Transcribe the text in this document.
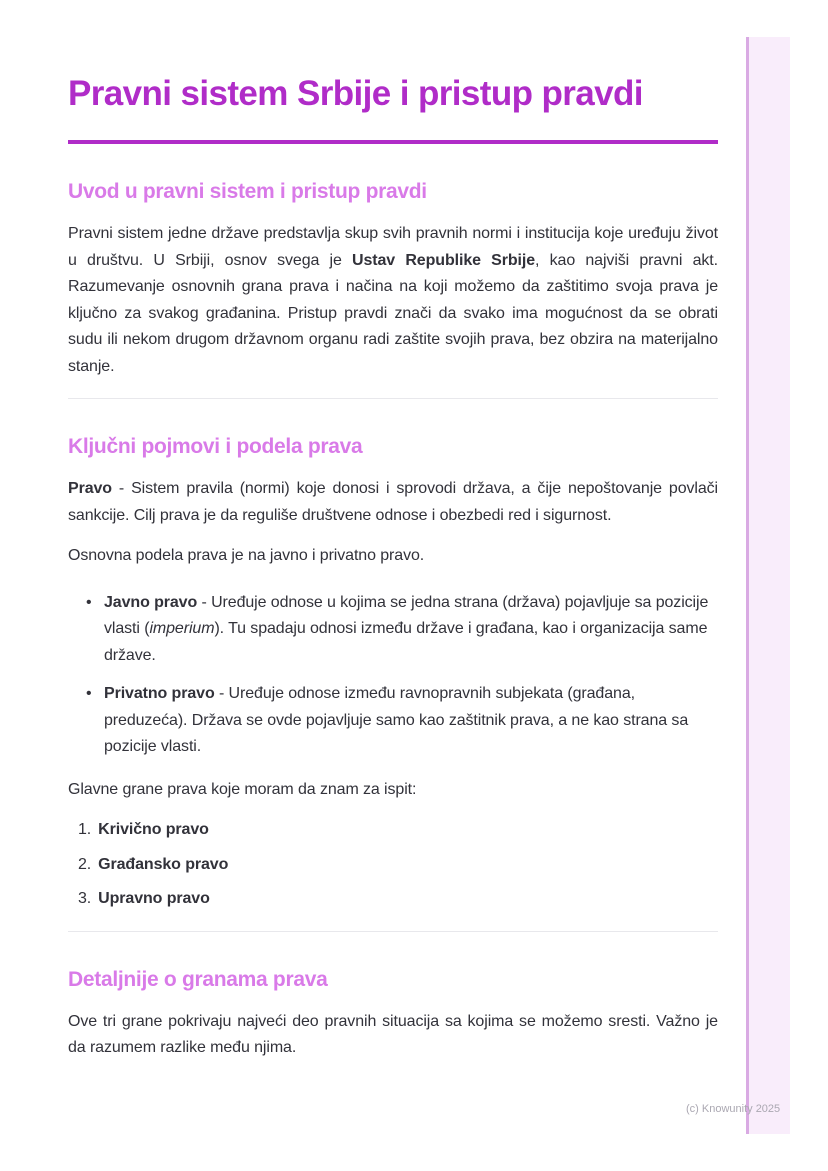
Pravni sistem Srbije i pristup pravdi
Uvod u pravni sistem i pristup pravdi

Pravni sistem jedne države predstavlja skup svih pravnih normi i institucija koje uređuju život u društvu. U Srbiji, osnov svega je Ustav Republike Srbije, kao najviši pravni akt. Razumevanje osnovnih grana prava i načina na koji možemo da zaštitimo svoja prava je ključno za svakog građanina. Pristup pravdi znači da svako ima mogućnost da se obrati sudu ili nekom drugom državnom organu radi zaštite svojih prava, bez obzira na materijalno stanje.

Ključni pojmovi i podela prava

Pravo - Sistem pravila (normi) koje donosi i sprovodi država, a čije nepoštovanje povlači sankcije. Cilj prava je da reguliše društvene odnose i obezbedi red i sigurnost.

Osnovna podela prava je na javno i privatno pravo.

• Javno pravo - Uređuje odnose u kojima se jedna strana (država) pojavljuje sa pozicije vlasti (imperium). Tu spadaju odnosi između države i građana, kao i organizacija same države.
• Privatno pravo - Uređuje odnose između ravnopravnih subjekata (građana, preduzeća). Država se ovde pojavljuje samo kao zaštitnik prava, a ne kao strana sa pozicije vlasti.

Glavne grane prava koje moram da znam za ispit:

1. Krivično pravo
2. Građansko pravo
3. Upravno pravo
Detaljnije o granama prava

Ove tri grane pokrivaju najveći deo pravnih situacija sa kojima se možemo sresti. Važno je da razumem razlike među njima.

(c) Knowunity 2025
